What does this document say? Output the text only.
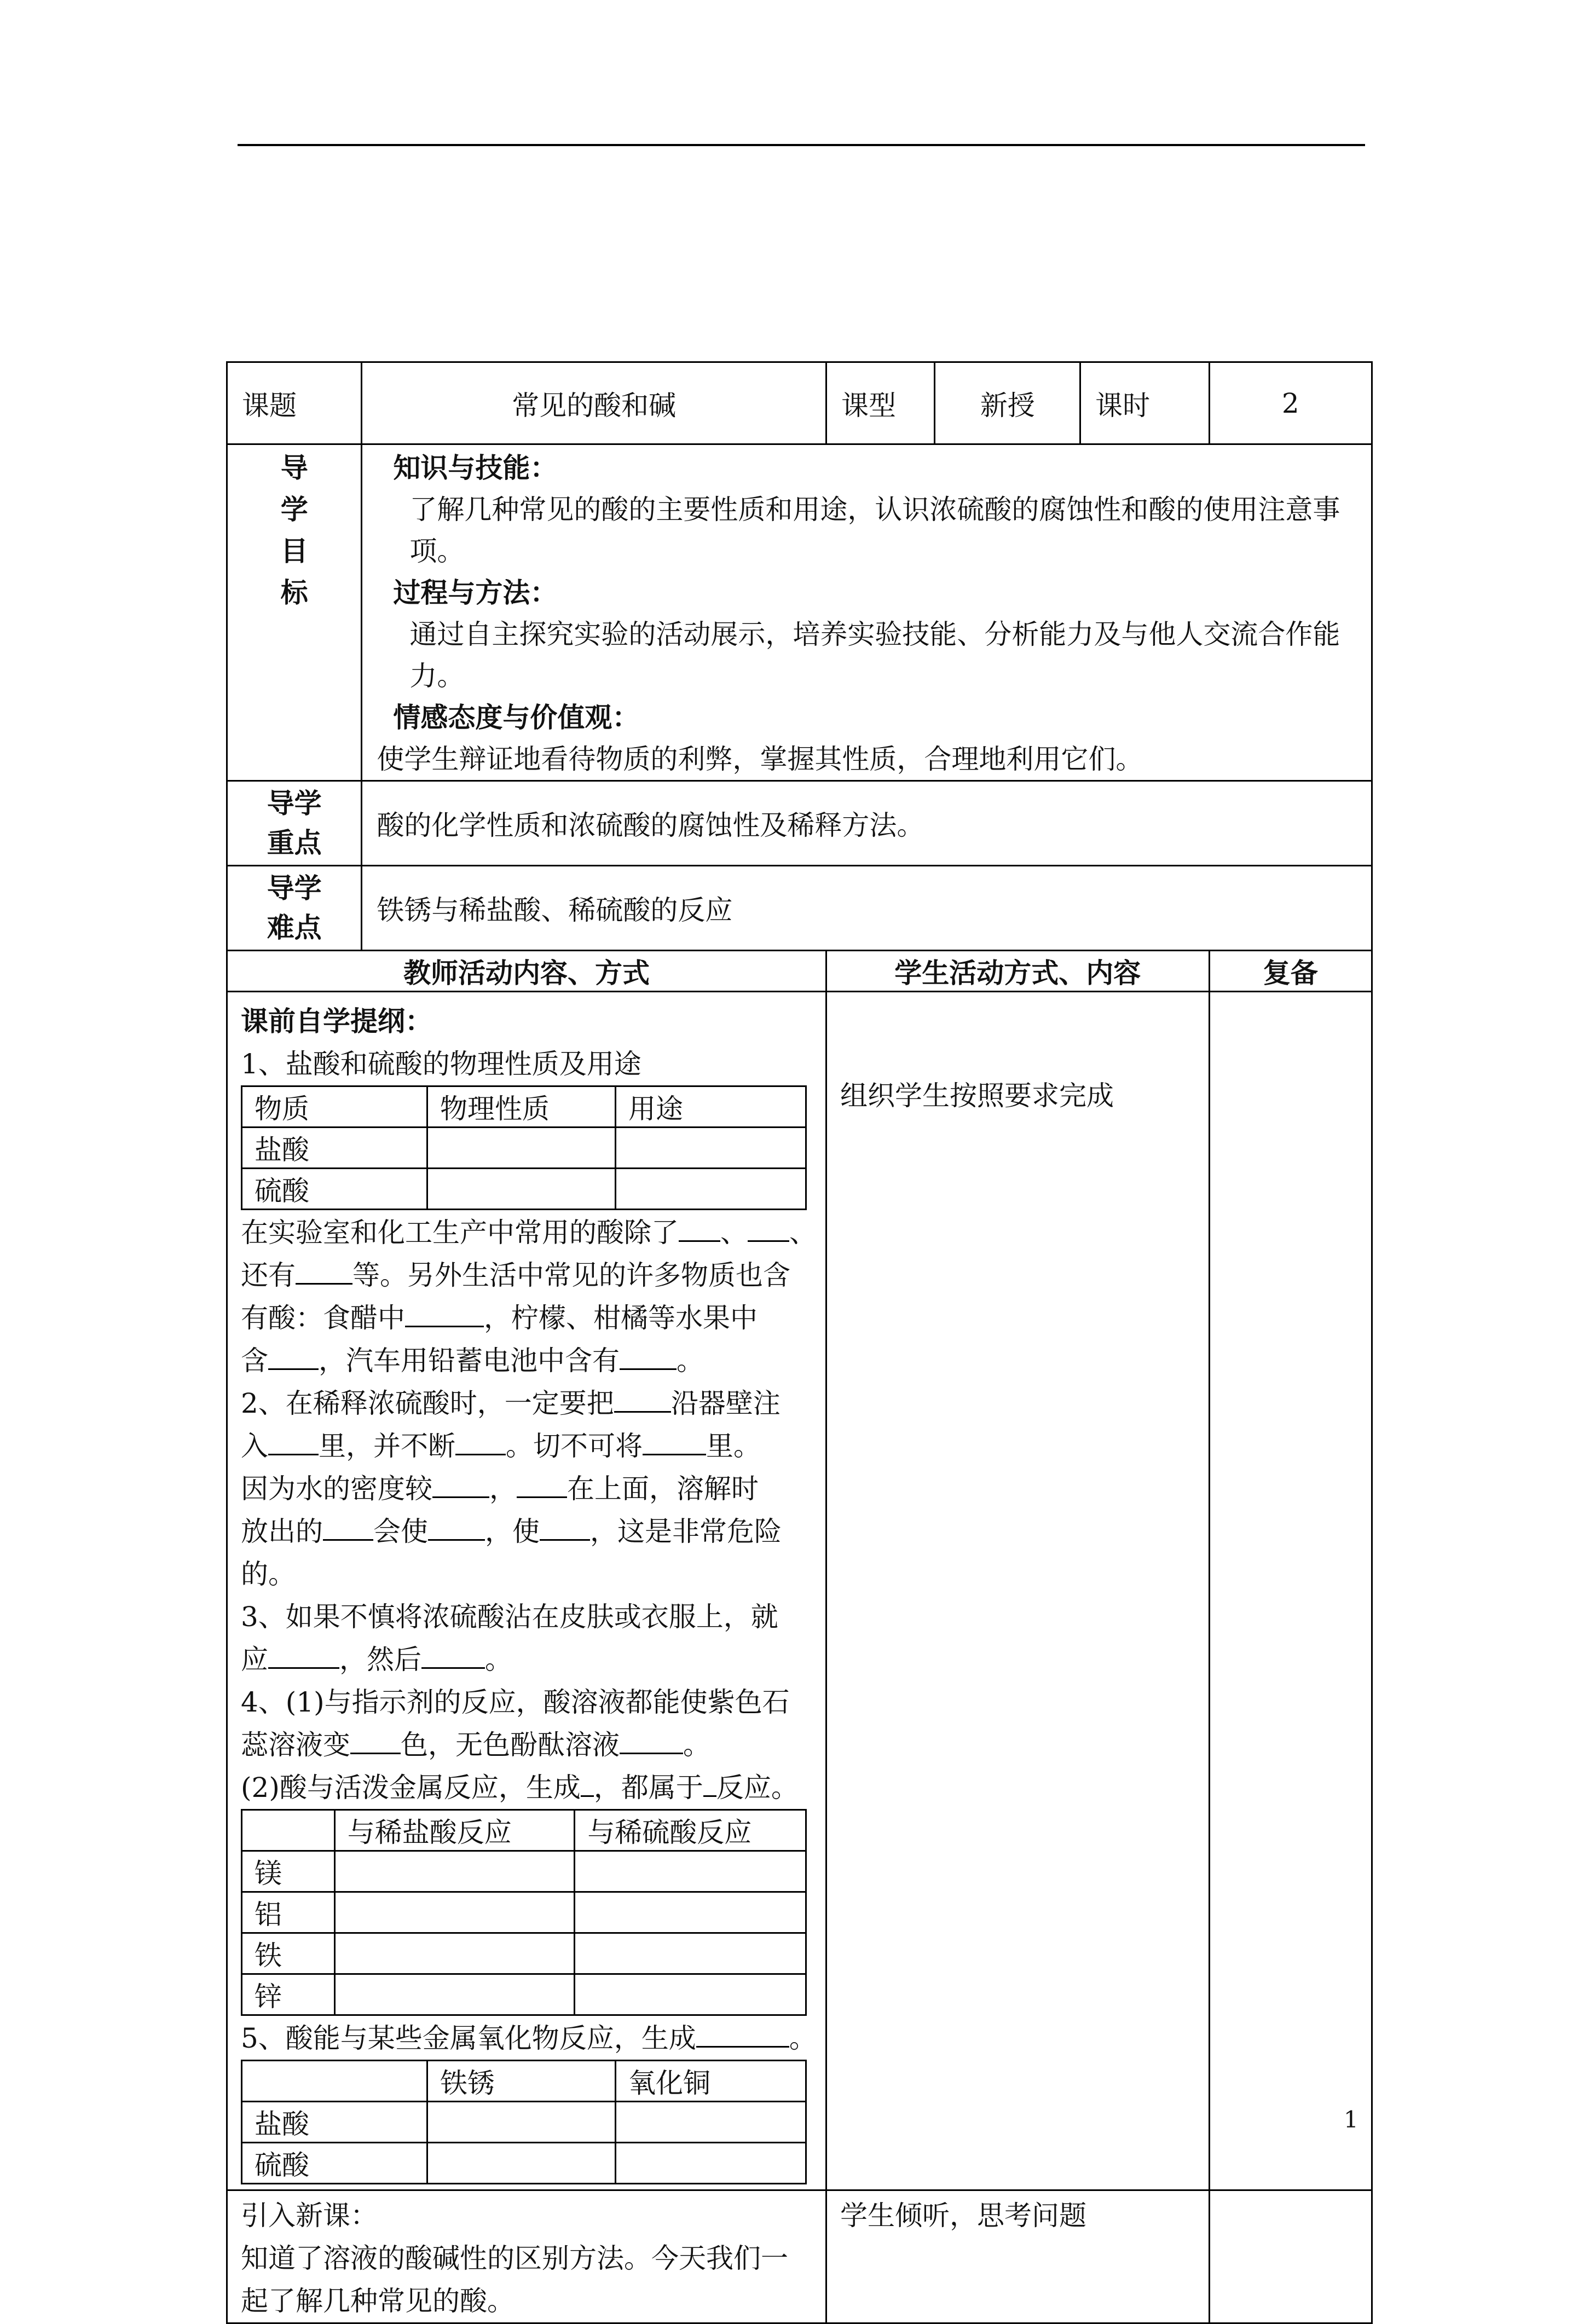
课题	常见的酸和碱	课型	新授	课时	2

导
学
目
标

知识与技能：
了解几种常见的酸的主要性质和用途，认识浓硫酸的腐蚀性和酸的使用注意事项。
过程与方法：
通过自主探究实验的活动展示，培养实验技能、分析能力及与他人交流合作能力。
情感态度与价值观：
使学生辩证地看待物质的利弊，掌握其性质，合理地利用它们。

导学
重点
	酸的化学性质和浓硫酸的腐蚀性及稀释方法。

导学
难点
	铁锈与稀盐酸、稀硫酸的反应
教师活动内容、方式	学生活动方式、内容	复备

课前自学提纲：
1、盐酸和硫酸的物理性质及用途
物质	物理性质	用途
盐酸		
硫酸		
在实验室和化工生产中常用的酸除了 、 、
还有 等。另外生活中常见的许多物质也含
有酸：食醋中	，柠檬、柑橘等水果中
含 ，汽车用铅蓄电池中含有 。
2、在稀释浓硫酸时，一定要把 沿器壁注
入 里，并不断 。切不可将 里。
因为水的密度较 ， 在上面，溶解时
放出的 会使 ，使 ，这是非常危险
的。
3、如果不慎将浓硫酸沾在皮肤或衣服上，就
应	，然后 。
4、(1)与指示剂的反应，酸溶液都能使紫色石
蕊溶液变 色，无色酚酞溶液 。
(2)酸与活泼金属反应，生成 ，都属于 反应。
	与稀盐酸反应	与稀硫酸反应
镁		
铝		
铁		
锌		
5、酸能与某些金属氧化物反应，生成	。
	铁锈	氧化铜
盐酸		
硫酸		

组织学生按照要求完成

引入新课：
知道了溶液的酸碱性的区别方法。今天我们一
起了解几种常见的酸。

学生倾听，思考问题

1
